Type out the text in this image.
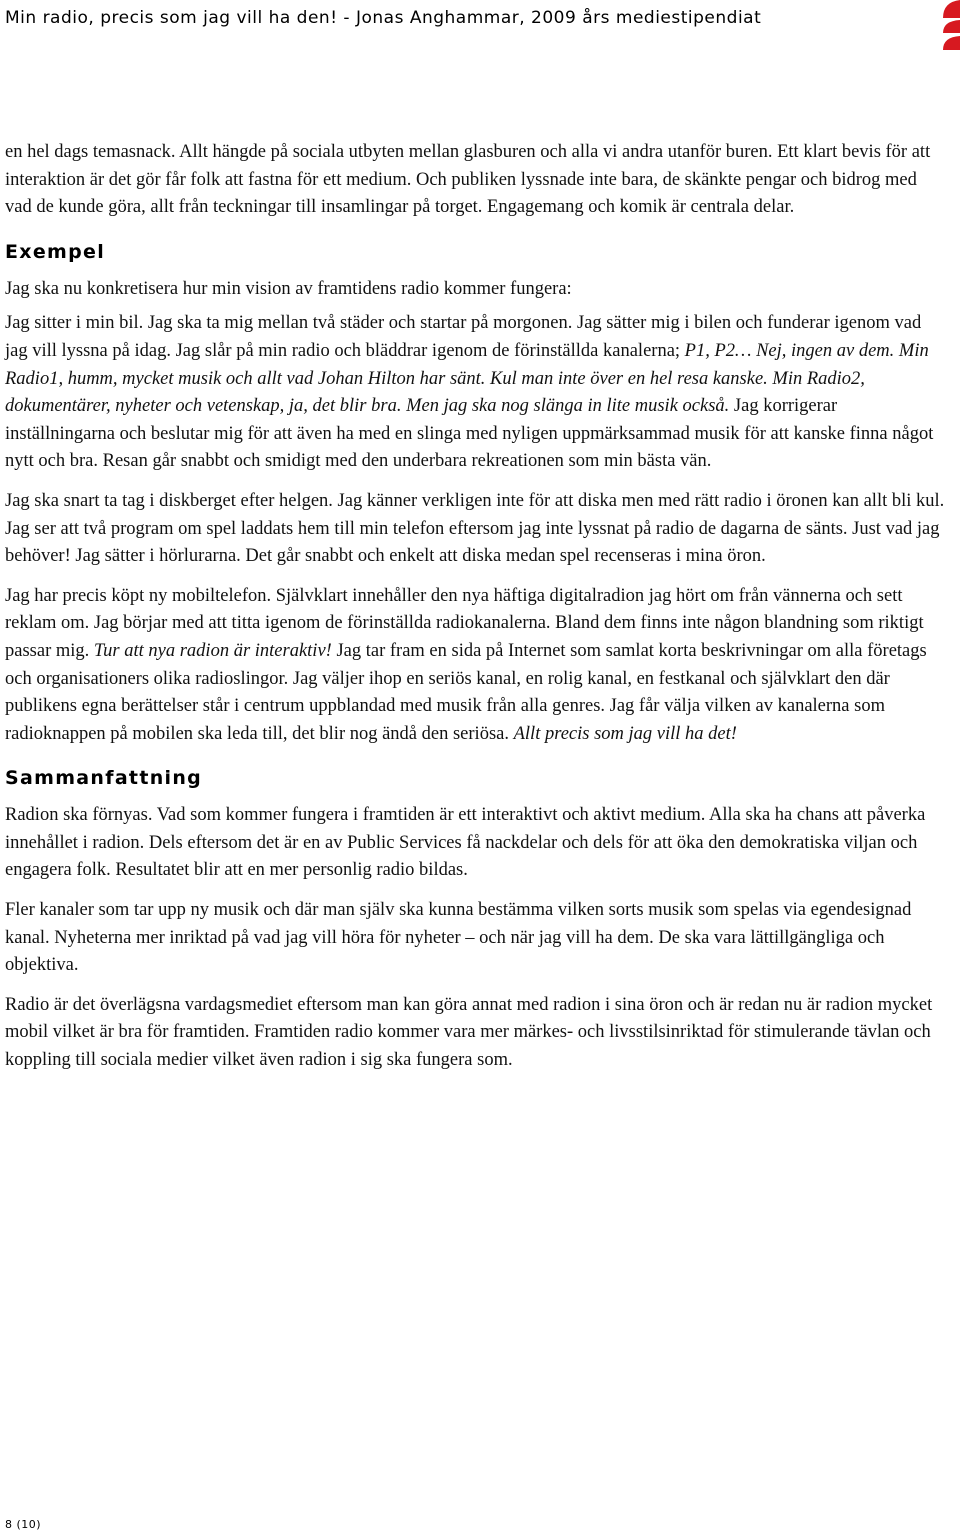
Min radio, precis som jag vill ha den! - Jonas Anghammar, 2009 års mediestipendiat

en hel dags temasnack. Allt hängde på sociala utbyten mellan glasburen och alla vi andra utanför buren. Ett klart bevis för att interaktion är det gör får folk att fastna för ett medium. Och publiken lyssnade inte bara, de skänkte pengar och bidrog med vad de kunde göra, allt från teckningar till insamlingar på torget. Engagemang och komik är centrala delar.

Exempel

Jag ska nu konkretisera hur min vision av framtidens radio kommer fungera:

Jag sitter i min bil. Jag ska ta mig mellan två städer och startar på morgonen. Jag sätter mig i bilen och funderar igenom vad jag vill lyssna på idag. Jag slår på min radio och bläddrar igenom de förinställda kanalerna; P1, P2… Nej, ingen av dem. Min Radio1, humm, mycket musik och allt vad Johan Hilton har sänt. Kul man inte över en hel resa kanske. Min Radio2, dokumentärer, nyheter och vetenskap, ja, det blir bra. Men jag ska nog slänga in lite musik också. Jag korrigerar inställningarna och beslutar mig för att även ha med en slinga med nyligen uppmärksammad musik för att kanske finna något nytt och bra. Resan går snabbt och smidigt med den underbara rekreationen som min bästa vän.

Jag ska snart ta tag i diskberget efter helgen. Jag känner verkligen inte för att diska men med rätt radio i öronen kan allt bli kul. Jag ser att två program om spel laddats hem till min telefon eftersom jag inte lyssnat på radio de dagarna de sänts. Just vad jag behöver! Jag sätter i hörlurarna. Det går snabbt och enkelt att diska medan spel recenseras i mina öron.

Jag har precis köpt ny mobiltelefon. Självklart innehåller den nya häftiga digitalradion jag hört om från vännerna och sett reklam om. Jag börjar med att titta igenom de förinställda radiokanalerna. Bland dem finns inte någon blandning som riktigt passar mig. Tur att nya radion är interaktiv! Jag tar fram en sida på Internet som samlat korta beskrivningar om alla företags och organisationers olika radioslingor. Jag väljer ihop en seriös kanal, en rolig kanal, en festkanal och självklart den där publikens egna berättelser står i centrum uppblandad med musik från alla genres. Jag får välja vilken av kanalerna som radioknappen på mobilen ska leda till, det blir nog ändå den seriösa. Allt precis som jag vill ha det!

Sammanfattning

Radion ska förnyas. Vad som kommer fungera i framtiden är ett interaktivt och aktivt medium. Alla ska ha chans att påverka innehållet i radion. Dels eftersom det är en av Public Services få nackdelar och dels för att öka den demokratiska viljan och engagera folk. Resultatet blir att en mer personlig radio bildas.

Fler kanaler som tar upp ny musik och där man själv ska kunna bestämma vilken sorts musik som spelas via egendesignad kanal. Nyheterna mer inriktad på vad jag vill höra för nyheter – och när jag vill ha dem. De ska vara lättillgängliga och objektiva.

Radio är det överlägsna vardagsmediet eftersom man kan göra annat med radion i sina öron och är redan nu är radion mycket mobil vilket är bra för framtiden. Framtiden radio kommer vara mer märkes- och livsstilsinriktad för stimulerande tävlan och koppling till sociala medier vilket även radion i sig ska fungera som.

8 (10)
